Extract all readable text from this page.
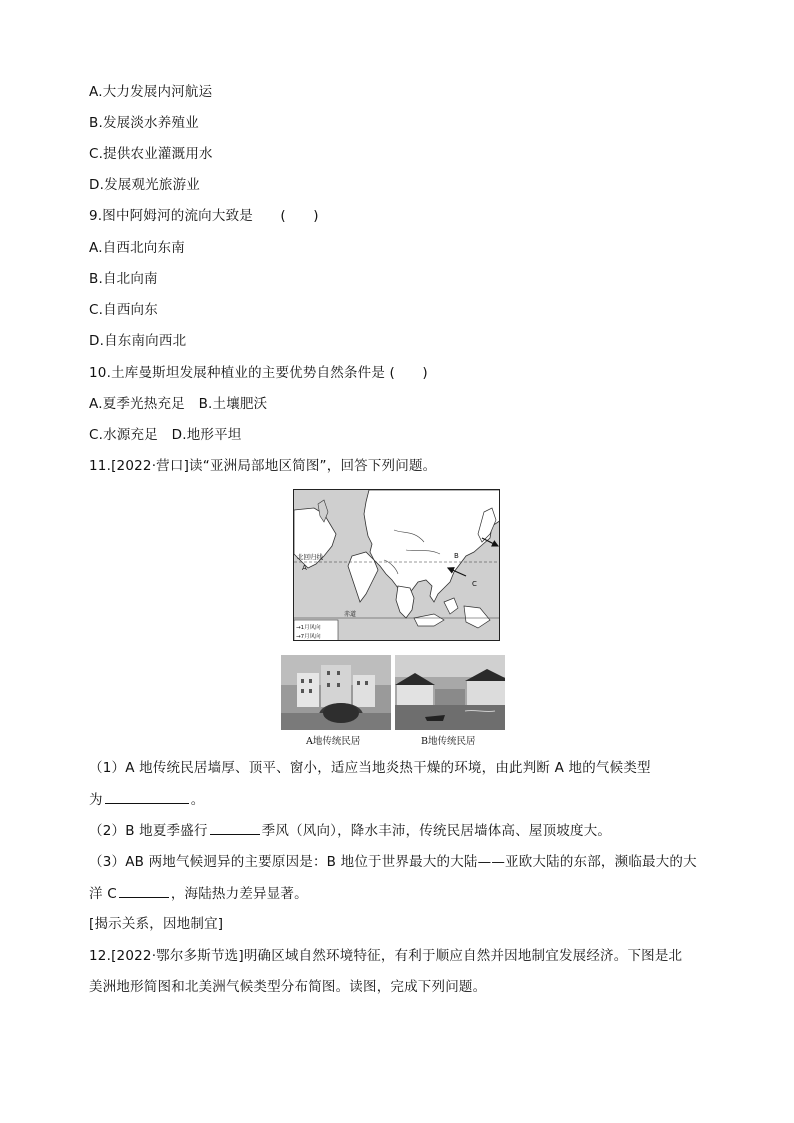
A.大力发展内河航运
B.发展淡水养殖业
C.提供农业灌溉用水
D.发展观光旅游业
9.图中阿姆河的流向大致是　　(　　)
A.自西北向东南
B.自北向南
C.自西向东
D.自东南向西北
10.土库曼斯坦发展种植业的主要优势自然条件是 (　　)
A.夏季光热充足　B.土壤肥沃
C.水源充足　D.地形平坦
11.[2022·营口]读“亚洲局部地区简图”，回答下列问题。
北回归线
A
B
C
赤道
→1月风向
→7月风向
A地传统民居	B地传统民居
（1）A 地传统民居墙厚、顶平、窗小，适应当地炎热干燥的环境，由此判断 A 地的气候类型
为	。
（2）B 地夏季盛行	季风（风向），降水丰沛，传统民居墙体高、屋顶坡度大。
（3）AB 两地气候迥异的主要原因是：B 地位于世界最大的大陆——亚欧大陆的东部，濒临最大的大
洋 C	，海陆热力差异显著。
[揭示关系，因地制宜]
12.[2022·鄂尔多斯节选]明确区域自然环境特征，有利于顺应自然并因地制宜发展经济。下图是北
美洲地形简图和北美洲气候类型分布简图。读图，完成下列问题。
